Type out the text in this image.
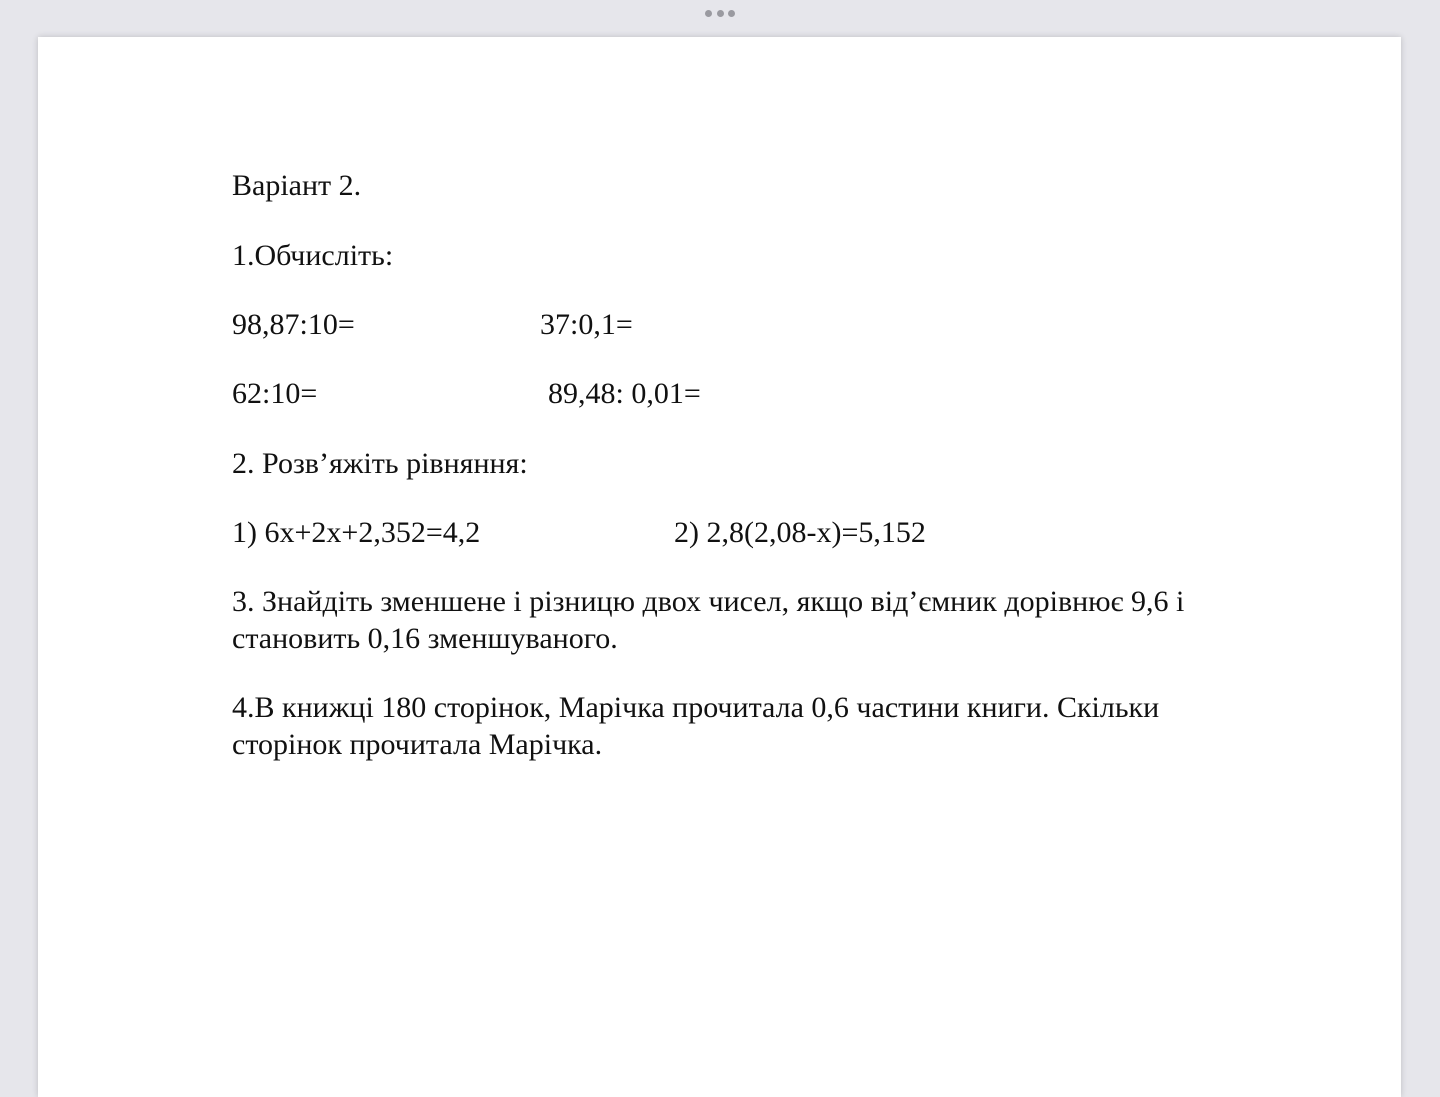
Варіант 2.
1.Обчисліть:
98,87:10=	37:0,1=
62:10=	89,48: 0,01=
2. Розв’яжіть рівняння:
1) 6x+2x+2,352=4,2	2) 2,8(2,08-x)=5,152
3. Знайдіть зменшене і різницю двох чисел, якщо від’ємник дорівнює 9,6 і
становить 0,16 зменшуваного.
4.В книжці 180 сторінок, Марічка прочитала 0,6 частини книги. Скільки
сторінок прочитала Марічка.
